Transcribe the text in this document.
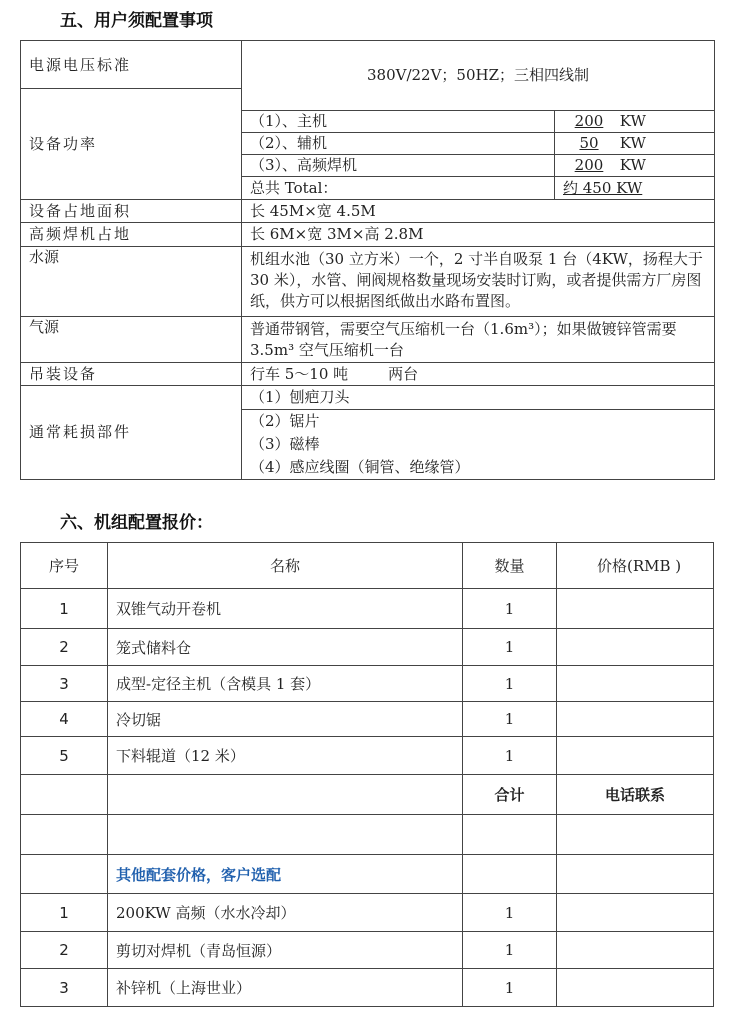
五、用户须配置事项
电源电压标准	380V/22V；50HZ；三相四线制	
设备功率		
	（1）、主机	200 KW
	（2）、辅机	50 KW
	（3）、高频焊机	200 KW
	总共 Total：	约 450 KW
设备占地面积	长 45M×宽 4.5M	
高频焊机占地	长 6M×宽 3M×高 2.8M	
水源	机组水池（30 立方米）一个，2 寸半自吸泵 1 台（4KW，扬程大于 30 米），水管、闸阀规格数量现场安装时订购，或者提供需方厂房图纸，供方可以根据图纸做出水路布置图。	
气源	普通带钢管，需要空气压缩机一台（1.6m³）；如果做镀锌管需要 3.5m³ 空气压缩机一台	
吊装设备	行车 5～10 吨 两台	
通常耗损部件	（1）刨疤刀头
（2）锯片
（3）磁棒
（4）感应线圈（铜管、绝缘管）	
六、机组配置报价：
序号	名称	数量	价格(RMB )
1	双锥气动开卷机	1	
2	笼式储料仓	1	
3	成型-定径主机（含模具 1 套）	1	
4	冷切锯	1	
5	下料辊道（12 米）	1	
		合计	电话联系

	其他配套价格，客户选配		
1	200KW 高频（水水冷却）	1	
2	剪切对焊机（青岛恒源）	1	
3	补锌机（上海世业）	1	
